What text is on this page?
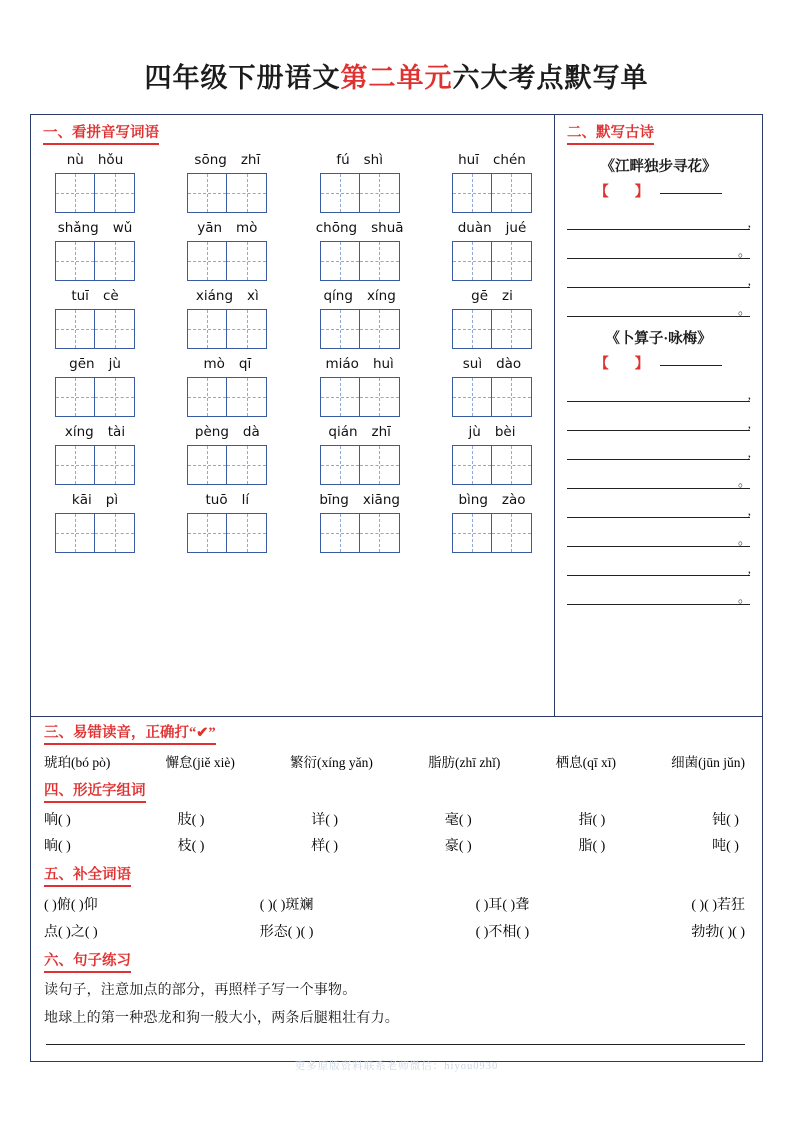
四年级下册语文第二单元六大考点默写单
一、看拼音写词语
nù hǒu	sōng zhī	fú shì	huī chén
shǎng wǔ	yān mò	chōng shuā	duàn jué
tuī cè	xiáng xì	qíng xíng	gē zi
gēn jù	mò qī	miáo huì	suì dào
xíng tài	pèng dà	qián zhī	jù bèi
kāi pì	tuō lí	bīng xiāng	bìng zào
二、默写古诗
《江畔独步寻花》
【 】
,
。
,
。
《卜算子·咏梅》
【 】
,
,
,
。
,
。
,
。
三、易错读音，正确打“✔”
琥珀(bó pò)	懈怠(jiě xiè)	繁衍(xíng yǎn)	脂肪(zhī zhǐ)	栖息(qī xī)	细菌(jūn jǔn)
四、形近字组词
响( )	肢( )	详( )	毫( )	指( )	钝( )
晌( )	枝( )	样( )	豪( )	脂( )	吨( )
五、补全词语
( )俯( )仰	( )( )斑斓	( )耳( )聋	( )( )若狂
点( )之( )	形态( )( )	( )不相( )	勃勃( )( )
六、句子练习
读句子，注意加点的部分，再照样子写一个事物。
地球上的第一种恐龙和狗一般大小，两条后腿粗壮有力。
更多原版资料联系老师微信：hiyou0930
